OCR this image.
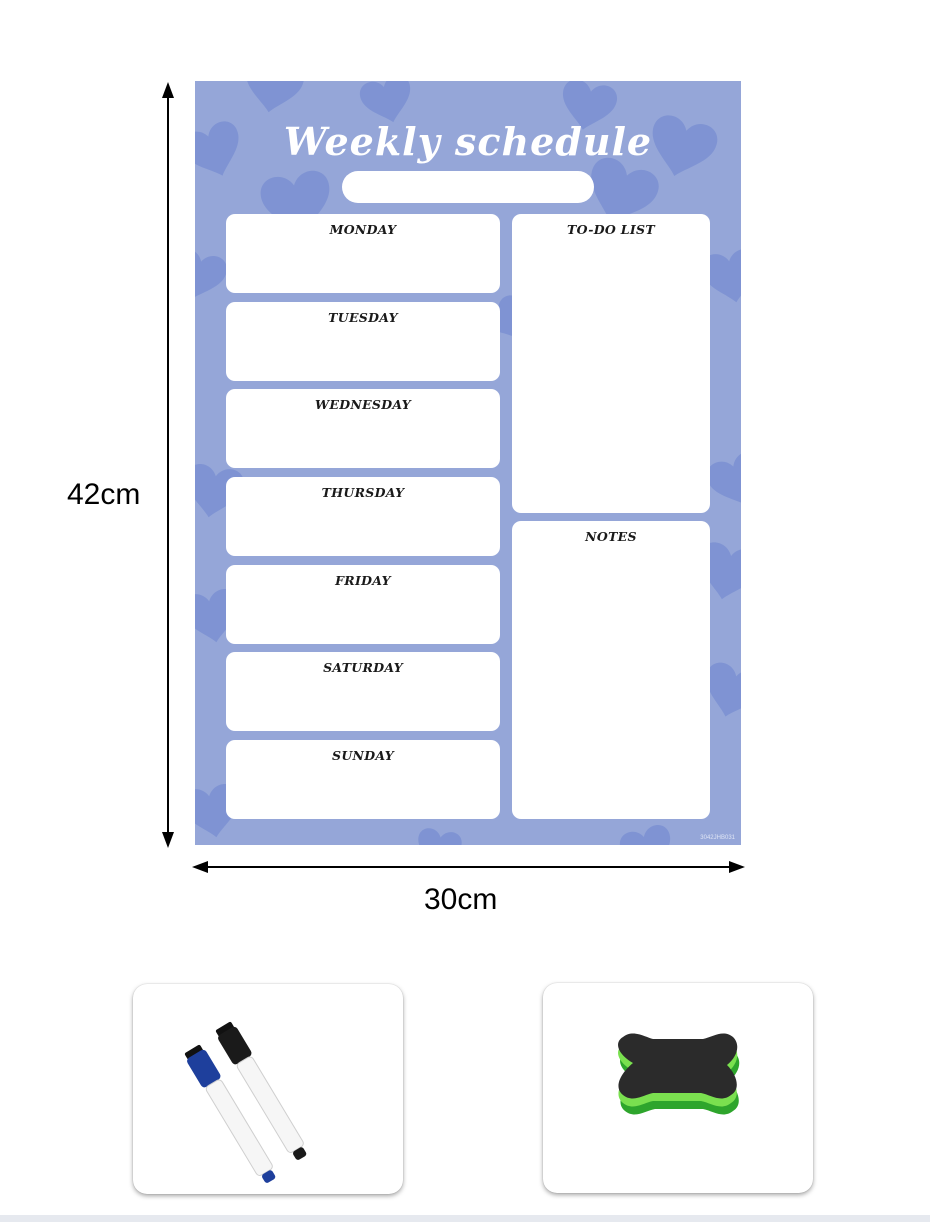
42cm
30cm
Weekly schedule
MONDAY
TUESDAY
WEDNESDAY
THURSDAY
FRIDAY
SATURDAY
SUNDAY
TO-DO LIST
NOTES
3042JHB031
